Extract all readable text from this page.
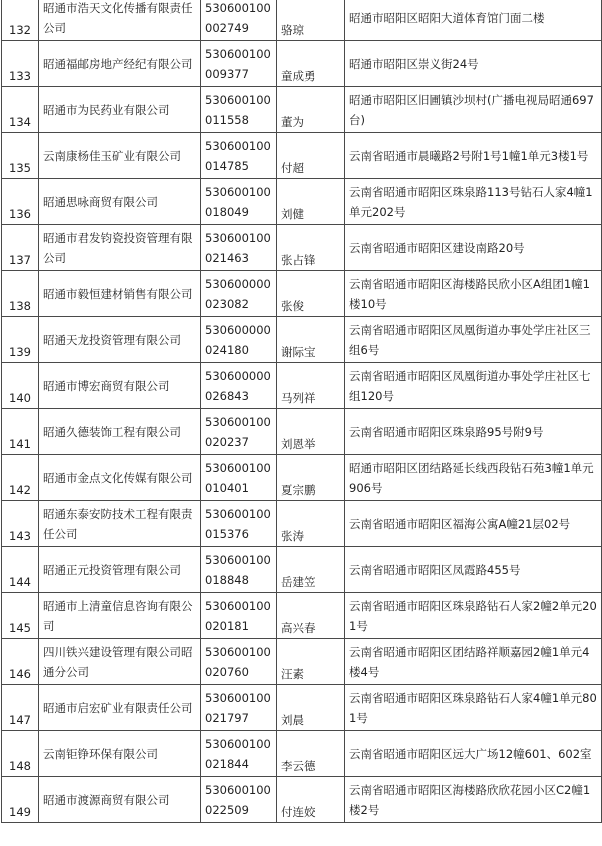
132	昭通市浩天文化传播有限责任公司	530600100002749	骆琼	昭通市昭阳区昭阳大道体育馆门面二楼

133	昭通福邮房地产经纪有限公司	530600100009377	童成勇	昭通市昭阳区崇义街24号

134	昭通市为民药业有限公司	530600100011558	董为	昭通市昭阳区旧圃镇沙坝村(广播电视局昭通697台)

135	云南康杨佳玉矿业有限公司	530600100014785	付超	云南省昭通市晨曦路2号附1号1幢1单元3楼1号

136	昭通思咏商贸有限公司	530600100018049	刘健	云南省昭通市昭阳区珠泉路113号钻石人家4幢1单元202号

137	昭通市君发钧瓷投资管理有限公司	530600100021463	张占锋	云南省昭通市昭阳区建设南路20号

138	昭通市毅恒建材销售有限公司	530600000023082	张俊	云南省昭通市昭阳区海楼路民欣小区A组团1幢1楼10号

139	昭通天龙投资管理有限公司	530600000024180	谢际宝	云南省昭通市昭阳区凤凰街道办事处学庄社区三组6号

140	昭通市博宏商贸有限公司	530600000026843	马列祥	云南省昭通市昭阳区凤凰街道办事处学庄社区七组120号

141	昭通久德装饰工程有限公司	530600100020237	刘恩举	云南省昭通市昭阳区珠泉路95号附9号

142	昭通市金点文化传媒有限公司	530600100010401	夏宗鹏	昭通市昭阳区团结路延长线西段钻石苑3幢1单元906号

143	昭通东泰安防技术工程有限责任公司	530600100015376	张涛	云南省昭通市昭阳区福海公寓A幢21层02号

144	昭通正元投资管理有限公司	530600100018848	岳建笠	云南省昭通市昭阳区凤霞路455号

145	昭通市上清童信息咨询有限公司	530600100020181	高兴春	云南省昭通市昭阳区珠泉路钻石人家2幢2单元201号

146	四川铁兴建设管理有限公司昭通分公司	530600100020760	汪素	云南省昭通市昭阳区团结路祥顺嘉园2幢1单元4楼4号

147	昭通市启宏矿业有限责任公司	530600100021797	刘晨	云南省昭通市昭阳区珠泉路钻石人家4幢1单元801号

148	云南钜铮环保有限公司	530600100021844	李云德	云南省昭通市昭阳区远大广场12幢601、602室

149	昭通市渡源商贸有限公司	530600100022509	付连姣	云南省昭通市昭阳区海楼路欣欣花园小区C2幢1楼2号
